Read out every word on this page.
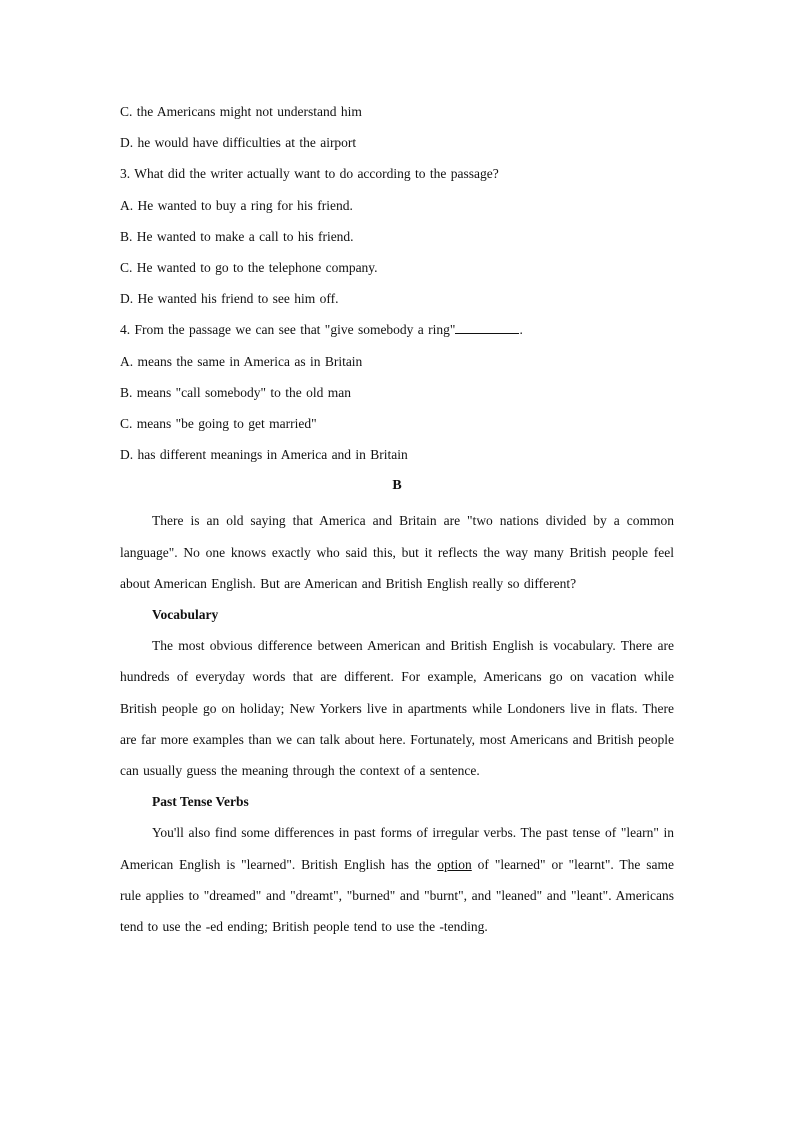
C. the Americans might not understand him
D. he would have difficulties at the airport
3. What did the writer actually want to do according to the passage?
A. He wanted to buy a ring for his friend.
B. He wanted to make a call to his friend.
C. He wanted to go to the telephone company.
D. He wanted his friend to see him off.
4. From the passage we can see that "give somebody a ring"	.
A. means the same in America as in Britain
B. means "call somebody" to the old man
C. means "be going to get married"
D. has different meanings in America and in Britain
B

There is an old saying that America and Britain are "two nations divided by a common language". No one knows exactly who said this, but it reflects the way many British people feel about American English. But are American and British English really so different?

Vocabulary

The most obvious difference between American and British English is vocabulary. There are hundreds of everyday words that are different. For example, Americans go on vacation while British people go on holiday; New Yorkers live in apartments while Londoners live in flats. There are far more examples than we can talk about here. Fortunately, most Americans and British people can usually guess the meaning through the context of a sentence.

Past Tense Verbs

You'll also find some differences in past forms of irregular verbs. The past tense of "learn" in American English is "learned". British English has the option of "learned" or "learnt". The same rule applies to "dreamed" and "dreamt", "burned" and "burnt", and "leaned" and "leant". Americans tend to use the -ed ending; British people tend to use the -tending.
